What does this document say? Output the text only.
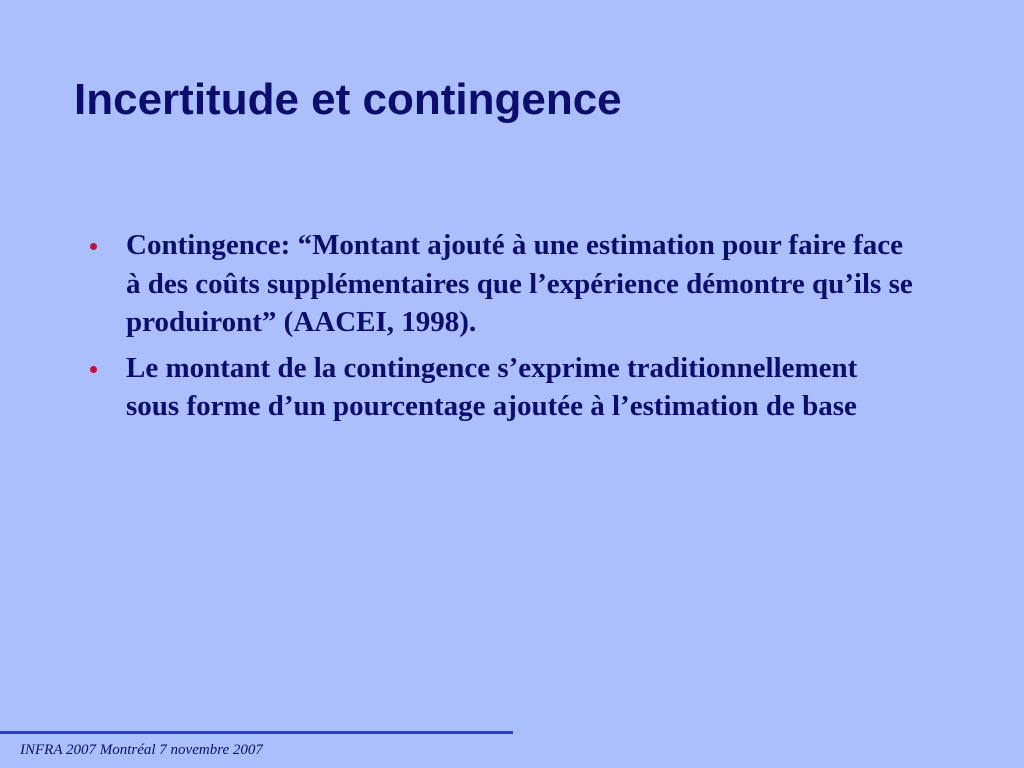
Incertitude et contingence
Contingence: “Montant ajouté à une estimation pour faire face à des coûts supplémentaires que l’expérience démontre qu’ils se produiront” (AACEI, 1998).
Le montant de la contingence s’exprime traditionnellement sous forme d’un pourcentage ajoutée à l’estimation de base
INFRA 2007 Montréal 7 novembre 2007
